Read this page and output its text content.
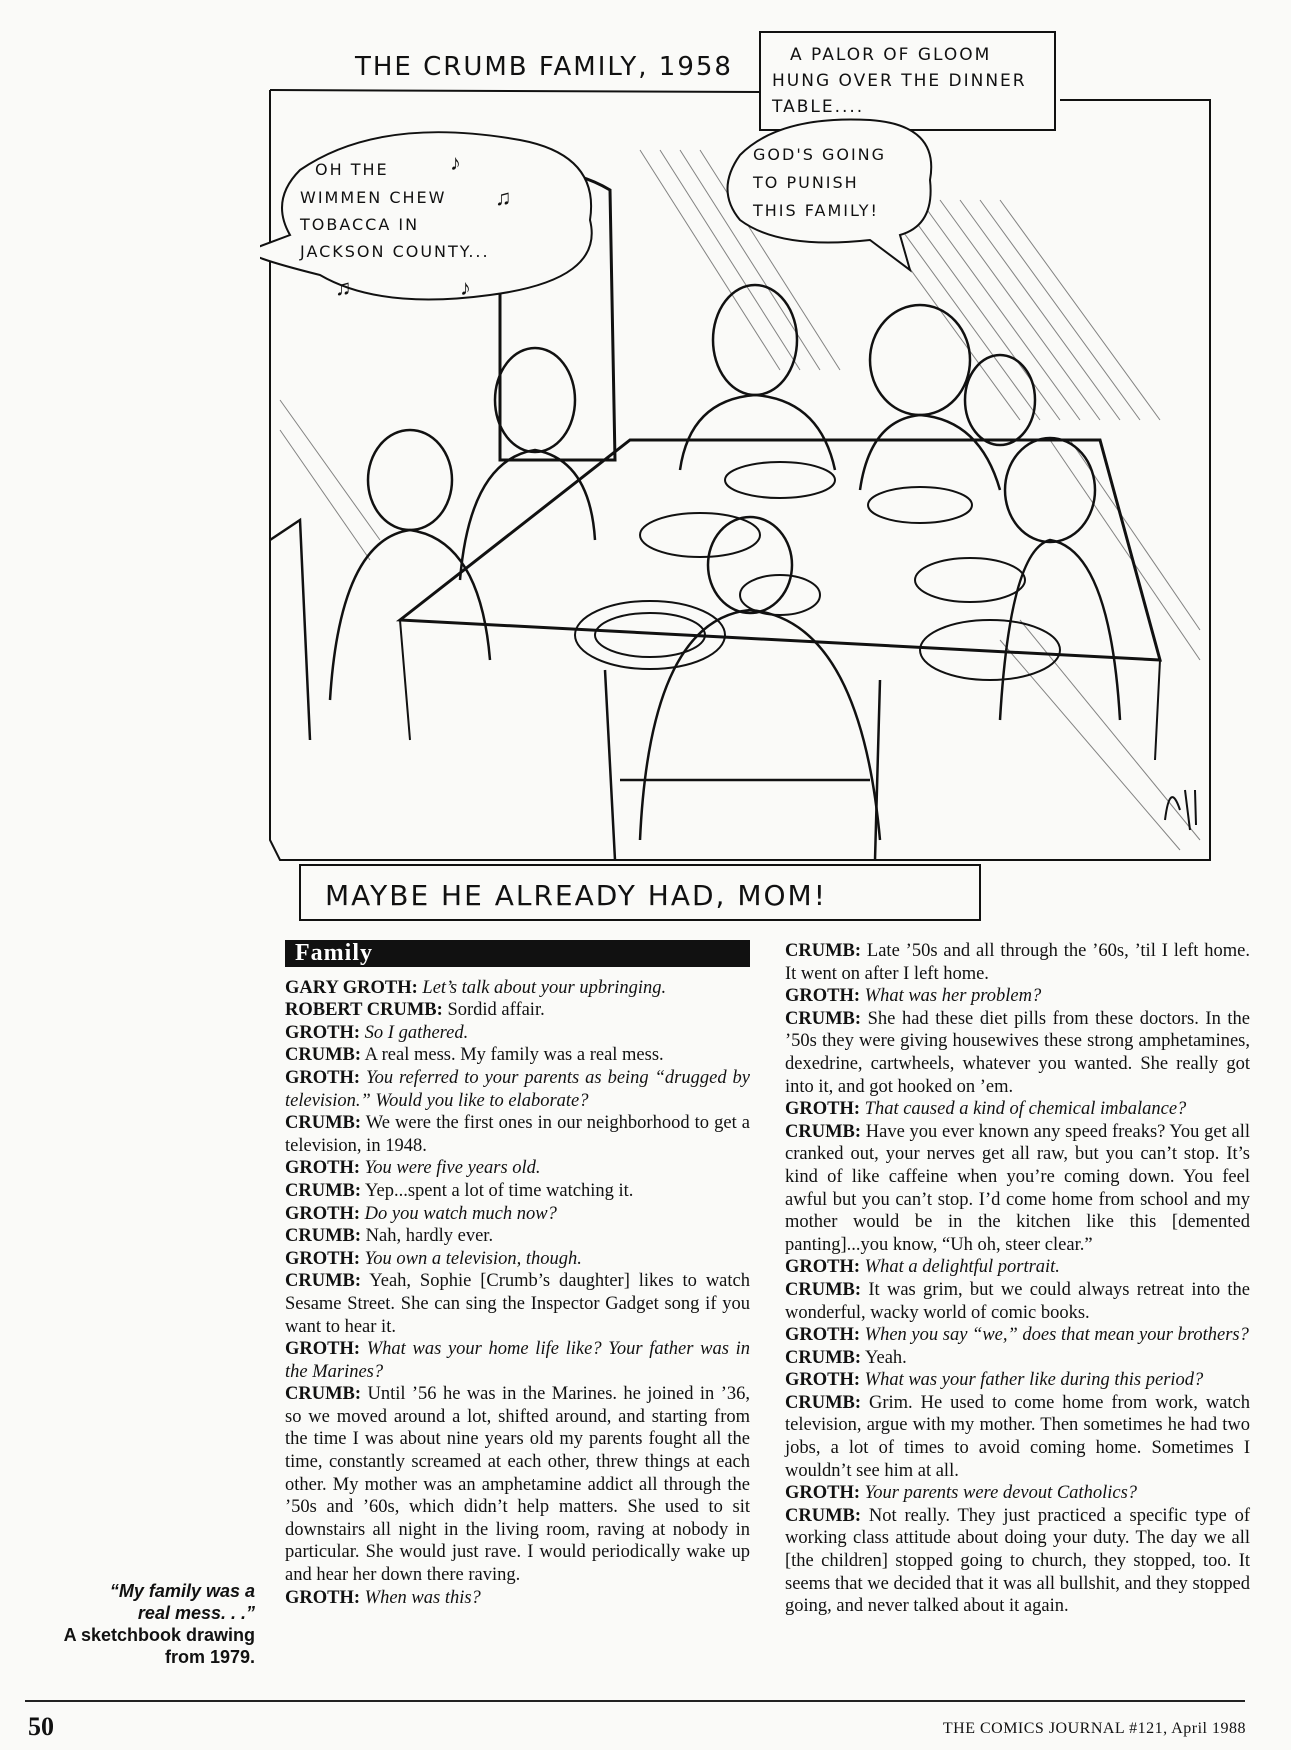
THE CRUMB FAMILY, 1958	A PALOR OF GLOOM
HUNG OVER THE DINNER
TABLE....
OH THE
WIMMEN CHEW
TOBACCA IN
JACKSON COUNTY...
♪
♫
♫	♪
GOD'S GOING
TO PUNISH
THIS FAMILY!
MAYBE HE ALREADY HAD, MOM!
Family

GARY GROTH: Let’s talk about your upbringing.

ROBERT CRUMB: Sordid affair.

GROTH: So I gathered.

CRUMB: A real mess. My family was a real mess.

GROTH: You referred to your parents as being “drugged by television.” Would you like to elaborate?

CRUMB: We were the first ones in our neighborhood to get a television, in 1948.

GROTH: You were five years old.

CRUMB: Yep...spent a lot of time watching it.

GROTH: Do you watch much now?

CRUMB: Nah, hardly ever.

GROTH: You own a television, though.

CRUMB: Yeah, Sophie [Crumb’s daughter] likes to watch Sesame Street. She can sing the Inspector Gadget song if you want to hear it.

GROTH: What was your home life like? Your father was in the Marines?

CRUMB: Until ’56 he was in the Marines. he joined in ’36, so we moved around a lot, shifted around, and starting from the time I was about nine years old my parents fought all the time, constantly screamed at each other, threw things at each other. My mother was an amphetamine addict all through the ’50s and ’60s, which didn’t help matters. She used to sit downstairs all night in the living room, raving at nobody in particular. She would just rave. I would periodically wake up and hear her down there raving.

GROTH: When was this?

CRUMB: Late ’50s and all through the ’60s, ’til I left home. It went on after I left home.

GROTH: What was her problem?

CRUMB: She had these diet pills from these doctors. In the ’50s they were giving housewives these strong amphetamines, dexedrine, cartwheels, whatever you wanted. She really got into it, and got hooked on ’em.

GROTH: That caused a kind of chemical imbalance?

CRUMB: Have you ever known any speed freaks? You get all cranked out, your nerves get all raw, but you can’t stop. It’s kind of like caffeine when you’re coming down. You feel awful but you can’t stop. I’d come home from school and my mother would be in the kitchen like this [demented panting]...you know, “Uh oh, steer clear.”

GROTH: What a delightful portrait.

CRUMB: It was grim, but we could always retreat into the wonderful, wacky world of comic books.

GROTH: When you say “we,” does that mean your brothers?

CRUMB: Yeah.

GROTH: What was your father like during this period?

CRUMB: Grim. He used to come home from work, watch television, argue with my mother. Then sometimes he had two jobs, a lot of times to avoid coming home. Sometimes I wouldn’t see him at all.

GROTH: Your parents were devout Catholics?

CRUMB: Not really. They just practiced a specific type of working class attitude about doing your duty. The day we all [the children] stopped going to church, they stopped, too. It seems that we decided that it was all bullshit, and they stopped going, and never talked about it again.

“My family was a
real mess. . .”
A sketchbook drawing
from 1979.
50	THE COMICS JOURNAL #121, April 1988
